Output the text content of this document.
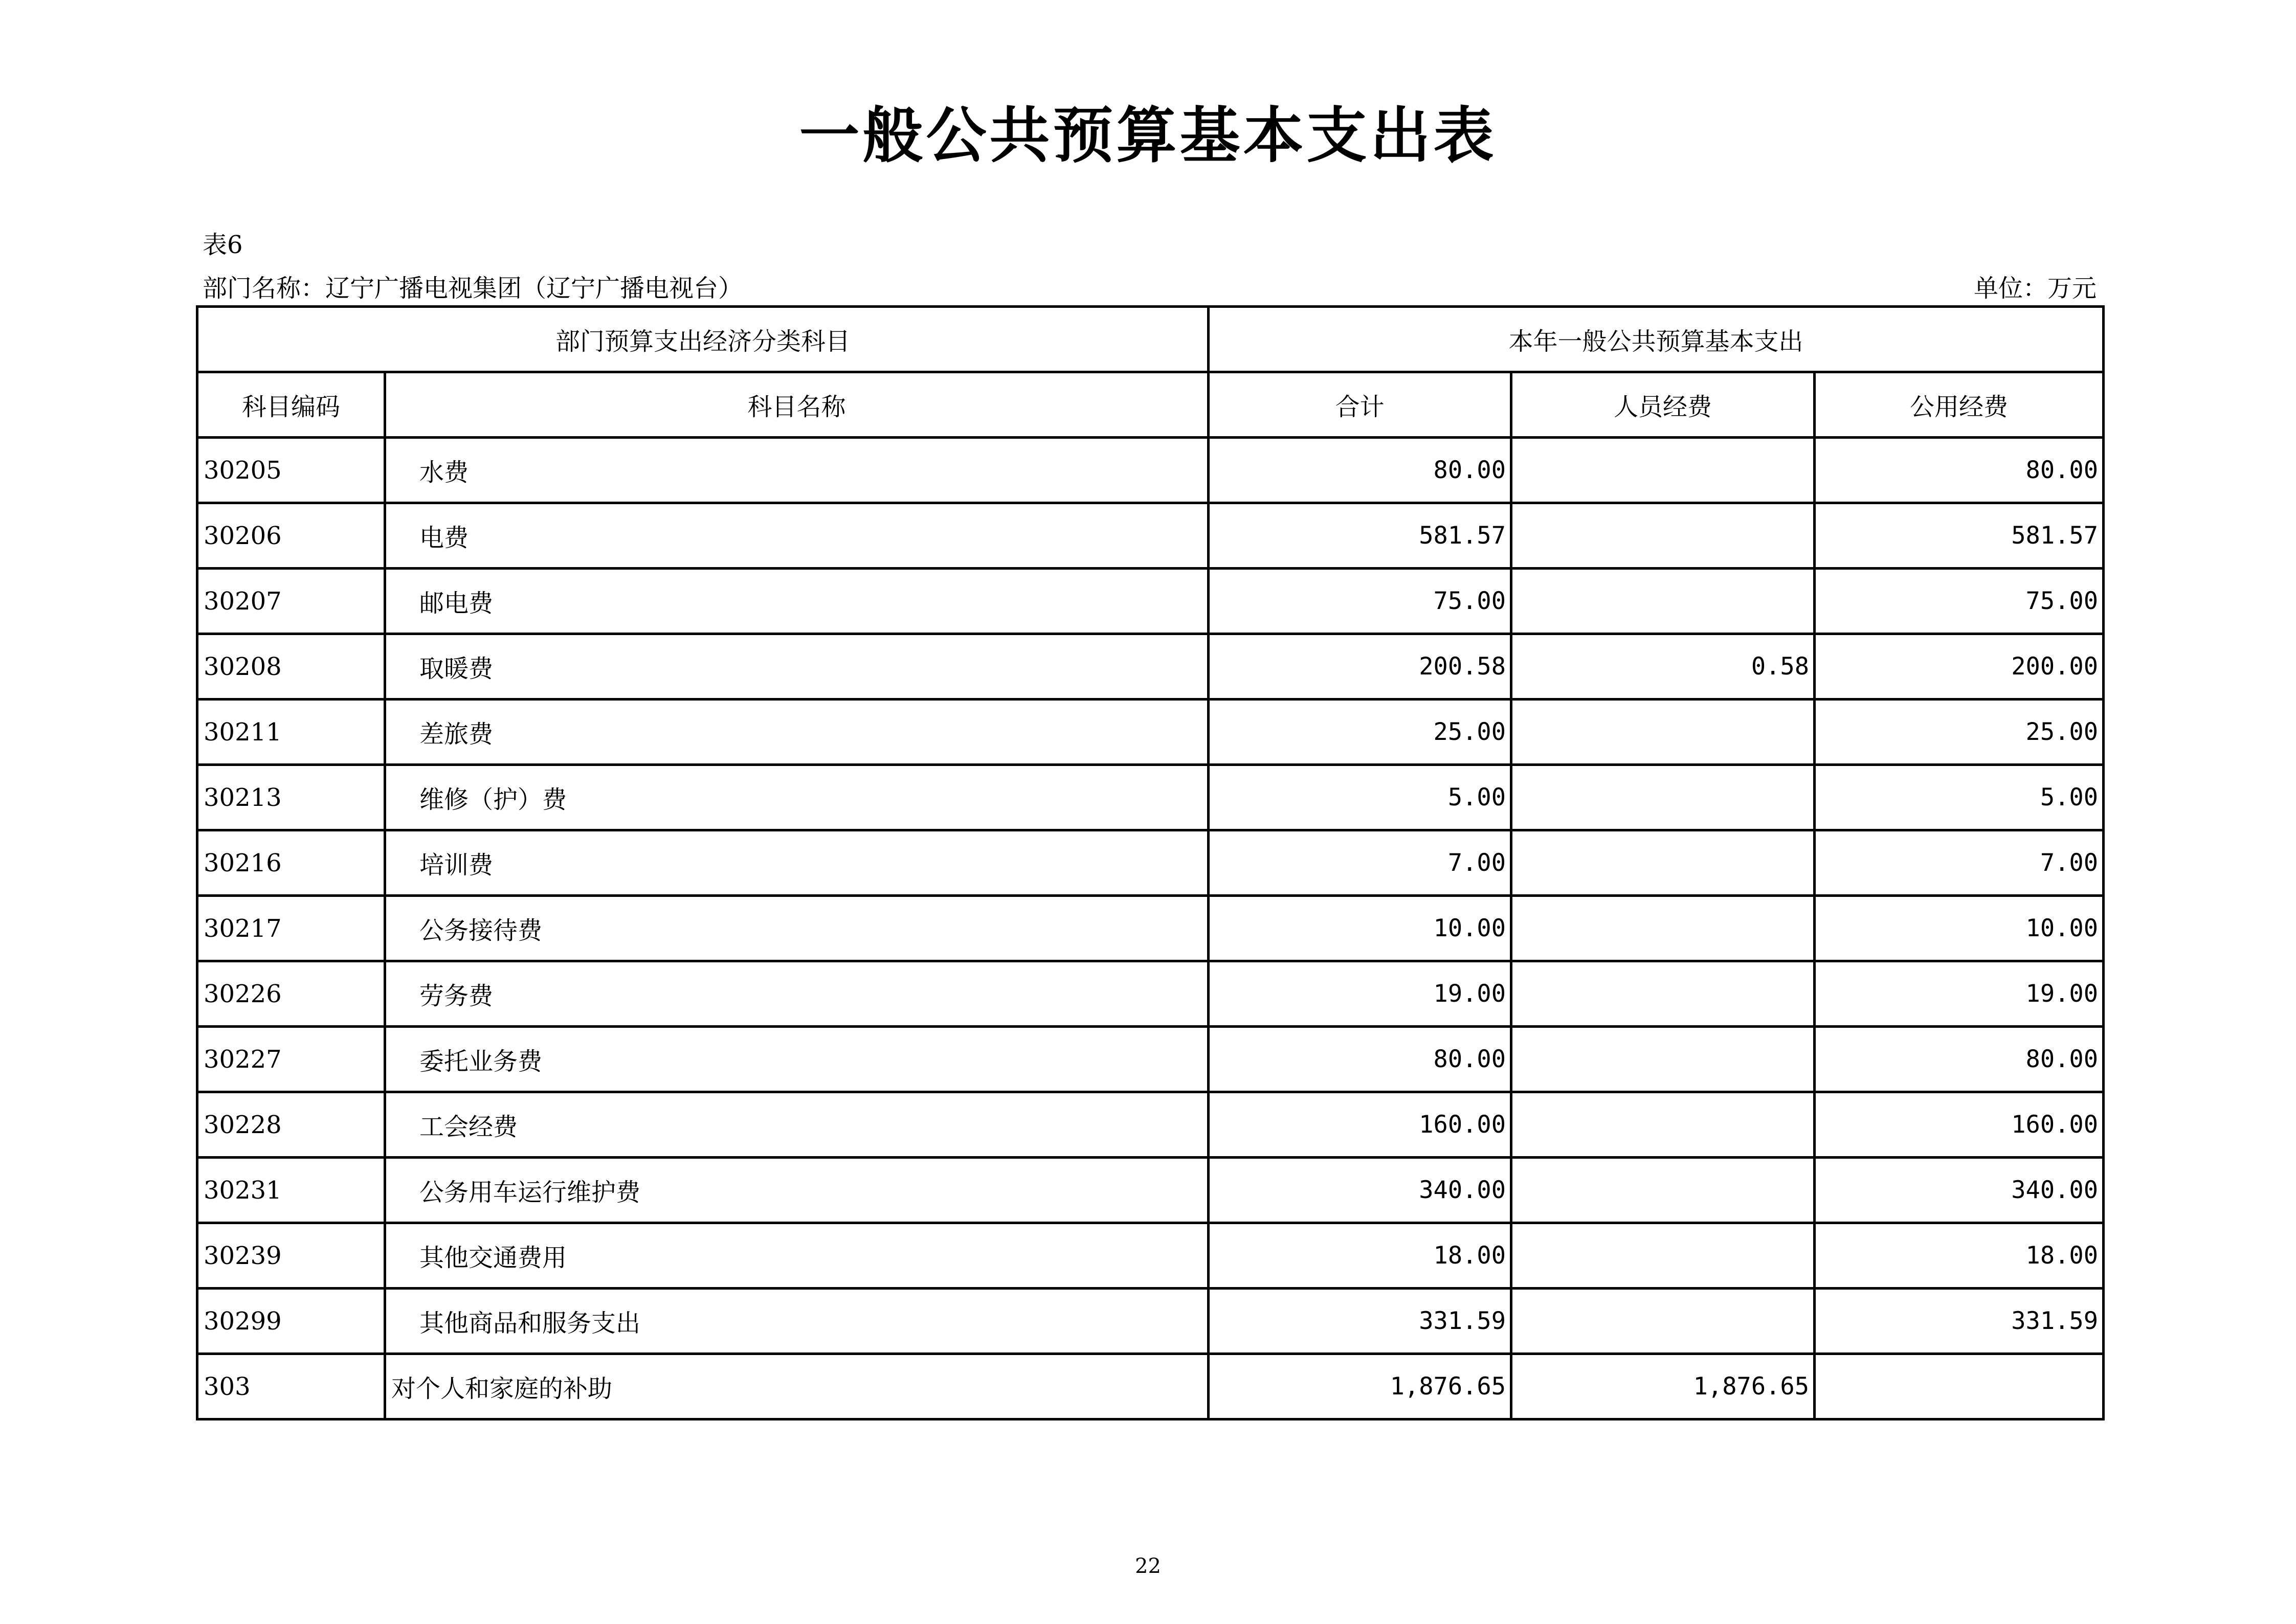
一般公共预算基本支出表
表6
部门名称：辽宁广播电视集团（辽宁广播电视台）	单位：万元
部门预算支出经济分类科目		本年一般公共预算基本支出		
科目编码	科目名称	合计	人员经费	公用经费
30205	水费	80.00		80.00
30206	电费	581.57		581.57
30207	邮电费	75.00		75.00
30208	取暖费	200.58	0.58	200.00
30211	差旅费	25.00		25.00
30213	维修（护）费	5.00		5.00
30216	培训费	7.00		7.00
30217	公务接待费	10.00		10.00
30226	劳务费	19.00		19.00
30227	委托业务费	80.00		80.00
30228	工会经费	160.00		160.00
30231	公务用车运行维护费	340.00		340.00
30239	其他交通费用	18.00		18.00
30299	其他商品和服务支出	331.59		331.59
303	对个人和家庭的补助	1,876.65	1,876.65	
22
